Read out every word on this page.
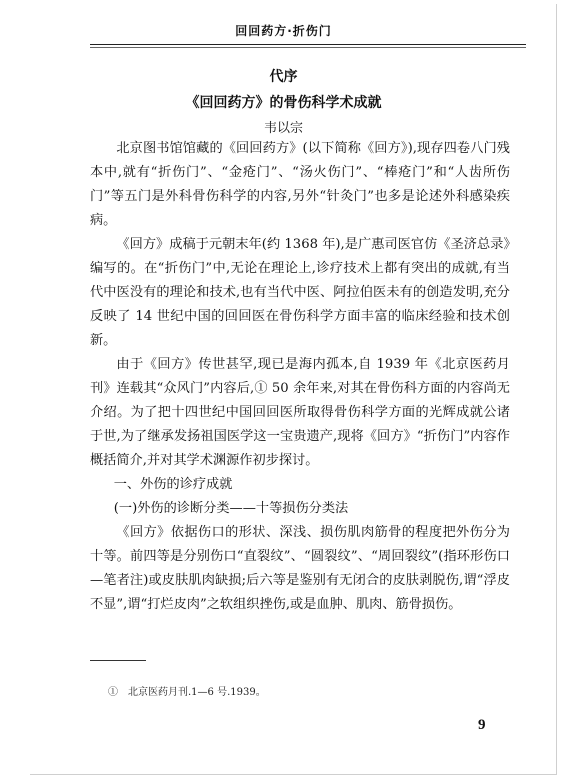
回回药方·折伤门
代序
《回回药方》的骨伤科学术成就
韦以宗

北京图书馆馆藏的《回回药方》(以下简称《回方》),现存四卷八门残本中,就有“折伤门”、“金疮门”、“汤火伤门”、“棒疮门”和“人齿所伤门”等五门是外科骨伤科学的内容,另外“针灸门”也多是论述外科感染疾病。

《回方》成稿于元朝末年(约 1368 年),是广惠司医官仿《圣济总录》编写的。在“折伤门”中,无论在理论上,诊疗技术上都有突出的成就,有当代中医没有的理论和技术,也有当代中医、阿拉伯医未有的创造发明,充分反映了 14 世纪中国的回回医在骨伤科学方面丰富的临床经验和技术创新。

由于《回方》传世甚罕,现已是海内孤本,自 1939 年《北京医药月刊》连载其“众风门”内容后,① 50 余年来,对其在骨伤科方面的内容尚无介绍。为了把十四世纪中国回回医所取得骨伤科学方面的光辉成就公诸于世,为了继承发扬祖国医学这一宝贵遗产,现将《回方》“折伤门”内容作概括简介,并对其学术渊源作初步探讨。

一、外伤的诊疗成就

(一)外伤的诊断分类——十等损伤分类法

《回方》依据伤口的形状、深浅、损伤肌肉筋骨的程度把外伤分为十等。前四等是分别伤口“直裂纹”、“圆裂纹”、“周回裂纹”(指环形伤口—笔者注)或皮肤肌肉缺损;后六等是鉴别有无闭合的皮肤剥脱伤,谓“浮皮不显”,谓“打烂皮肉”之软组织挫伤,或是血肿、肌肉、筋骨损伤。

①　北京医药月刊.1—6 号.1939。
9
